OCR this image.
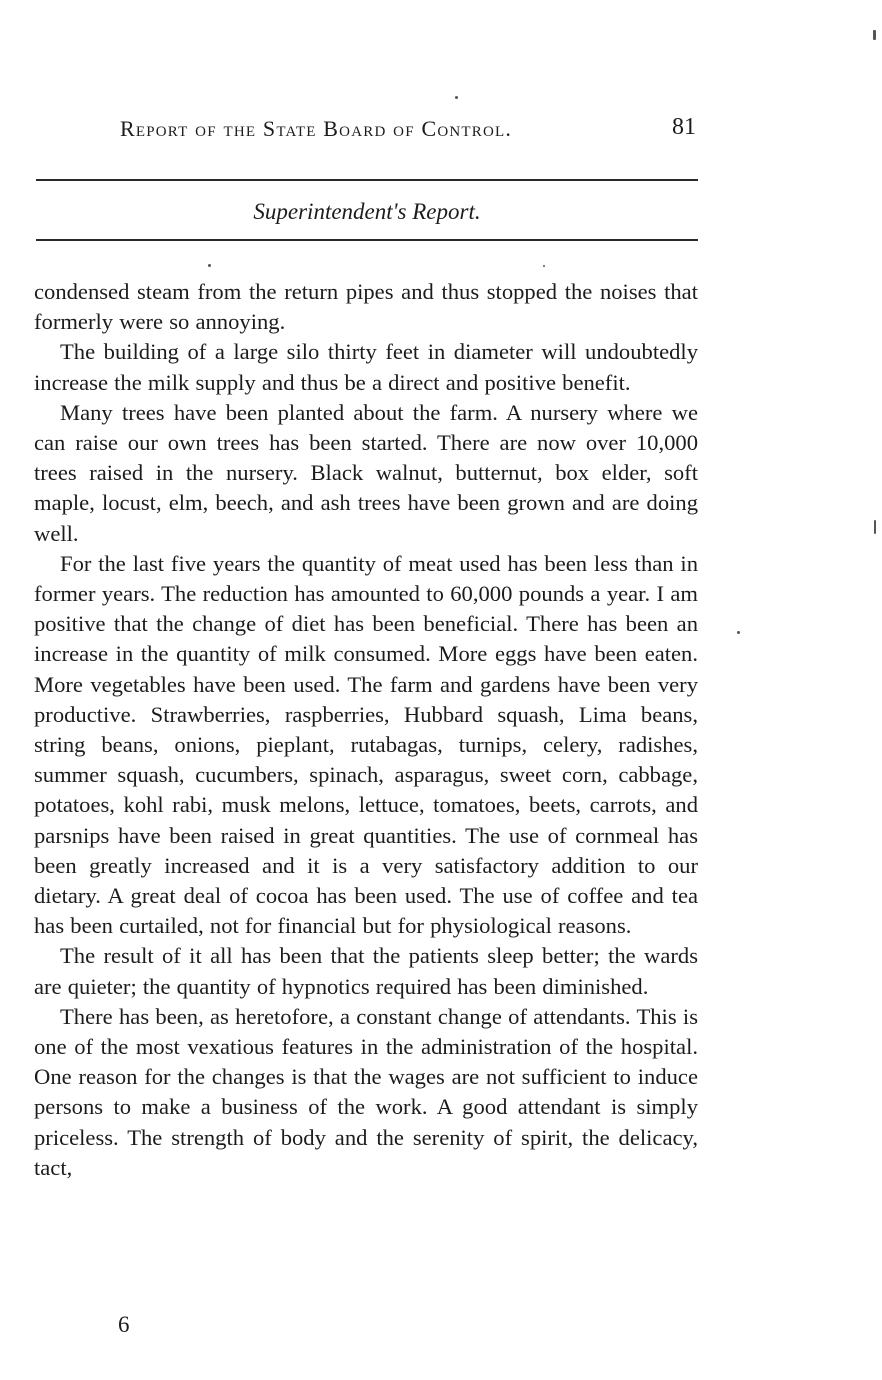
Report of the State Board of Control.	81
Superintendent's Report.

condensed steam from the return pipes and thus stopped the noises that formerly were so annoying.

The building of a large silo thirty feet in diameter will undoubtedly increase the milk supply and thus be a direct and positive benefit.

Many trees have been planted about the farm. A nursery where we can raise our own trees has been started. There are now over 10,000 trees raised in the nursery. Black walnut, butternut, box elder, soft maple, locust, elm, beech, and ash trees have been grown and are doing well.

For the last five years the quantity of meat used has been less than in former years. The reduction has amounted to 60,000 pounds a year. I am positive that the change of diet has been beneficial. There has been an increase in the quantity of milk consumed. More eggs have been eaten. More vegetables have been used. The farm and gardens have been very productive. Strawberries, raspberries, Hubbard squash, Lima beans, string beans, onions, pieplant, rutabagas, turnips, celery, radishes, summer squash, cucumbers, spinach, asparagus, sweet corn, cabbage, potatoes, kohl rabi, musk melons, lettuce, tomatoes, beets, carrots, and parsnips have been raised in great quantities. The use of cornmeal has been greatly increased and it is a very satisfactory addition to our dietary. A great deal of cocoa has been used. The use of coffee and tea has been curtailed, not for financial but for physiological reasons.

The result of it all has been that the patients sleep better; the wards are quieter; the quantity of hypnotics required has been diminished.

There has been, as heretofore, a constant change of attendants. This is one of the most vexatious features in the administration of the hospital. One reason for the changes is that the wages are not sufficient to induce persons to make a business of the work. A good attendant is simply priceless. The strength of body and the serenity of spirit, the delicacy, tact,

6
